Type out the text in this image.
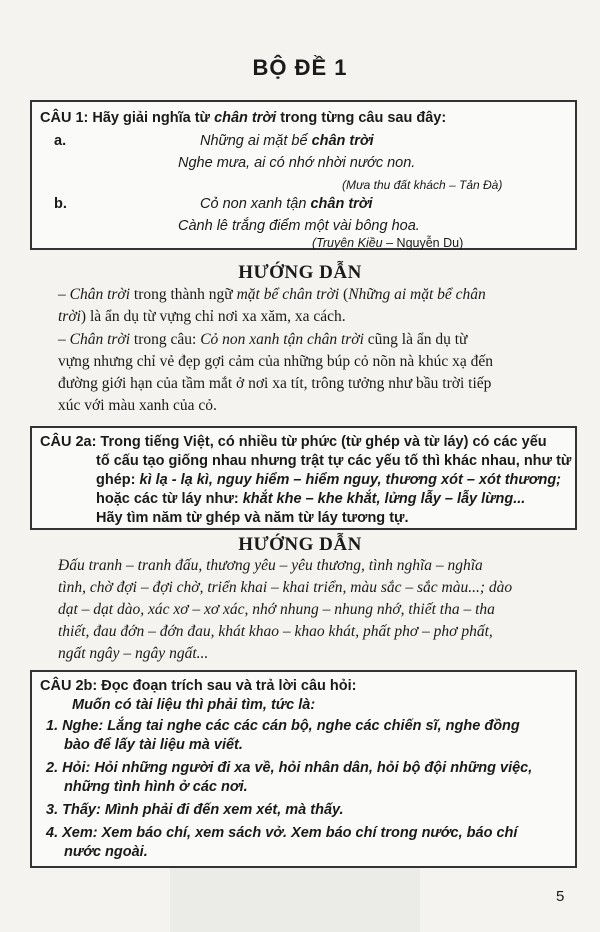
BỘ ĐỀ 1
CÂU 1: Hãy giải nghĩa từ chân trời trong từng câu sau đây:
a.	Những ai mặt bể chân trời
Nghe mưa, ai có nhớ nhời nước non.
(Mưa thu đất khách – Tản Đà)
b.	Cỏ non xanh tận chân trời
Cành lê trắng điểm một vài bông hoa.
(Truyện Kiều – Nguyễn Du)
HƯỚNG DẪN
– Chân trời trong thành ngữ mặt bể chân trời (Những ai mặt bể chân
trời) là ẩn dụ từ vựng chỉ nơi xa xăm, xa cách.
– Chân trời trong câu: Cỏ non xanh tận chân trời cũng là ẩn dụ từ
vựng nhưng chỉ vẻ đẹp gợi cảm của những búp cỏ nõn nà khúc xạ đến
đường giới hạn của tầm mắt ở nơi xa tít, trông tưởng như bầu trời tiếp
xúc với màu xanh của cỏ.
CÂU 2a: Trong tiếng Việt, có nhiều từ phức (từ ghép và từ láy) có các yếu
tố cấu tạo giống nhau nhưng trật tự các yếu tố thì khác nhau, như từ
ghép: kì lạ - lạ kì, nguy hiểm – hiểm nguy, thương xót – xót thương;
hoặc các từ láy như: khắt khe – khe khắt, lửng lẫy – lẫy lừng...
Hãy tìm năm từ ghép và năm từ láy tương tự.
HƯỚNG DẪN
Đấu tranh – tranh đấu, thương yêu – yêu thương, tình nghĩa – nghĩa
tình, chờ đợi – đợi chờ, triển khai – khai triển, màu sắc – sắc màu...; dào
dạt – dạt dào, xác xơ – xơ xác, nhớ nhung – nhung nhớ, thiết tha – tha
thiết, đau đớn – đớn đau, khát khao – khao khát, phất phơ – phơ phất,
ngất ngây – ngây ngất...
CÂU 2b: Đọc đoạn trích sau và trả lời câu hỏi:
Muốn có tài liệu thì phải tìm, tức là:
1. Nghe: Lắng tai nghe các các cán bộ, nghe các chiến sĩ, nghe đồng
bào để lấy tài liệu mà viết.
2. Hỏi: Hỏi những người đi xa về, hỏi nhân dân, hỏi bộ đội những việc,
những tình hình ở các nơi.
3. Thấy: Mình phải đi đến xem xét, mà thấy.
4. Xem: Xem báo chí, xem sách vở. Xem báo chí trong nước, báo chí
nước ngoài.
5
